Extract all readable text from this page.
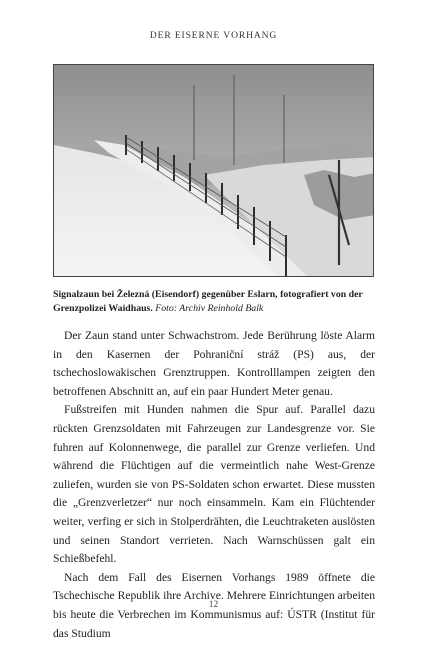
DER EISERNE VORHANG
Signalzaun bei Železná (Eisendorf) gegenüber Eslarn, fotografiert von der Grenzpolizei Waidhaus. Foto: Archiv Reinhold Balk

Der Zaun stand unter Schwachstrom. Jede Berührung löste Alarm in den Kasernen der Pohraniční stráž (PS) aus, der tschechoslowakischen Grenztruppen. Kontrolllampen zeigten den betroffenen Abschnitt an, auf ein paar Hundert Meter genau.

Fußstreifen mit Hunden nahmen die Spur auf. Parallel dazu rückten Grenzsoldaten mit Fahrzeugen zur Landesgrenze vor. Sie fuhren auf Kolonnenwege, die parallel zur Grenze verliefen. Und während die Flüchtigen auf die vermeintlich nahe West-Grenze zuliefen, wurden sie von PS-Soldaten schon erwartet. Diese mussten die „Grenzverletzer“ nur noch einsammeln. Kam ein Flüchtender weiter, verfing er sich in Stolperdrähten, die Leuchtraketen auslösten und seinen Standort verrieten. Nach Warnschüssen galt ein Schießbefehl.

Nach dem Fall des Eisernen Vorhangs 1989 öffnete die Tschechische Republik ihre Archive. Mehrere Einrichtungen arbeiten bis heute die Verbrechen im Kommunismus auf: ÚSTR (Institut für das Studium

12
